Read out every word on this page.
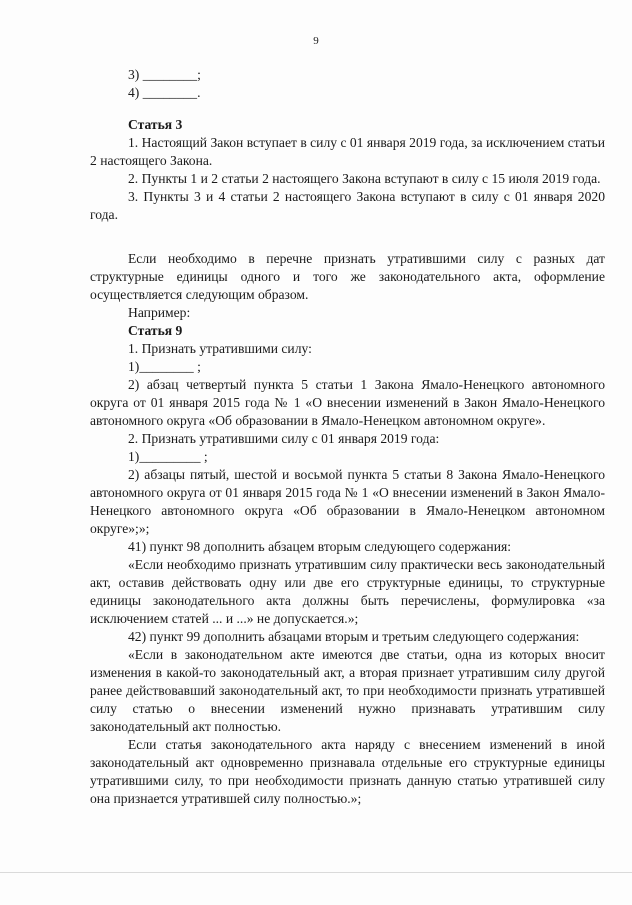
9

3) ________;

4) ________.

Статья 3

1. Настоящий Закон вступает в силу с 01 января 2019 года, за исключением статьи 2 настоящего Закона.

2. Пункты 1 и 2 статьи 2 настоящего Закона вступают в силу с 15 июля 2019 года.

3. Пункты 3 и 4 статьи 2 настоящего Закона вступают в силу с 01 января 2020 года.

Если необходимо в перечне признать утратившими силу с разных дат структурные единицы одного и того же законодательного акта, оформление осуществляется следующим образом.

Например:

Статья 9

1. Признать утратившими силу:

1)________ ;

2) абзац четвертый пункта 5 статьи 1 Закона Ямало-Ненецкого автономного округа от 01 января 2015 года № 1 «О внесении изменений в Закон Ямало-Ненецкого автономного округа «Об образовании в Ямало-Ненецком автономном округе».

2. Признать утратившими силу с 01 января 2019 года:

1)_________ ;

2) абзацы пятый, шестой и восьмой пункта 5 статьи 8 Закона Ямало-Ненецкого автономного округа от 01 января 2015 года № 1 «О внесении изменений в Закон Ямало-Ненецкого автономного округа «Об образовании в Ямало-Ненецком автономном округе»;»;

41) пункт 98 дополнить абзацем вторым следующего содержания:

«Если необходимо признать утратившим силу практически весь законодательный акт, оставив действовать одну или две его структурные единицы, то структурные единицы законодательного акта должны быть перечислены, формулировка «за исключением статей ... и ...» не допускается.»;

42) пункт 99 дополнить абзацами вторым и третьим следующего содержания:

«Если в законодательном акте имеются две статьи, одна из которых вносит изменения в какой-то законодательный акт, а вторая признает утратившим силу другой ранее действовавший законодательный акт, то при необходимости признать утратившей силу статью о внесении изменений нужно признавать утратившим силу законодательный акт полностью.

Если статья законодательного акта наряду с внесением изменений в иной законодательный акт одновременно признавала отдельные его структурные единицы утратившими силу, то при необходимости признать данную статью утратившей силу она признается утратившей силу полностью.»;
